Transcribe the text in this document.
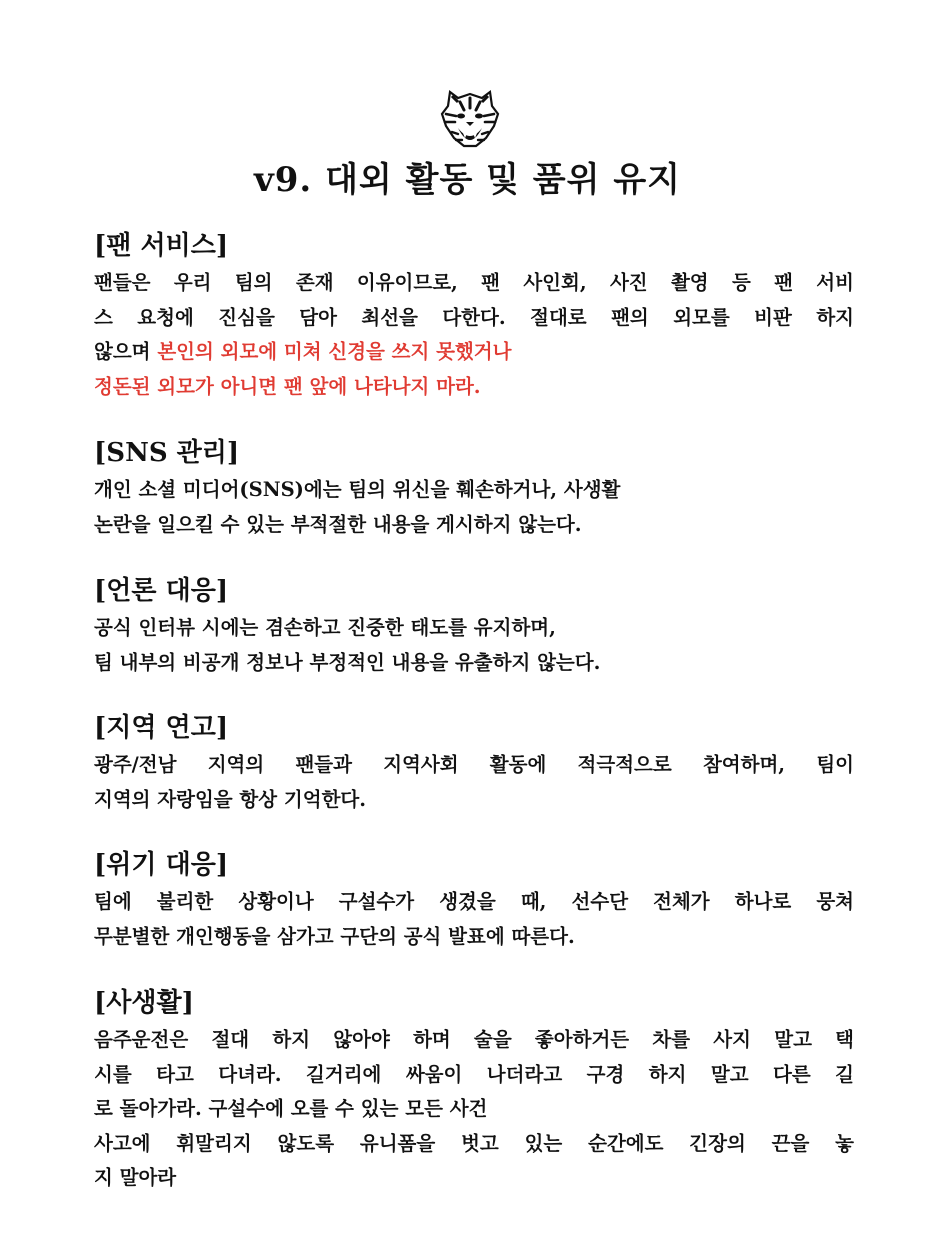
v9. 대외 활동 및 품위 유지
[팬 서비스]
팬들은 우리 팀의 존재 이유이므로, 팬 사인회, 사진 촬영 등 팬 서비
스 요청에 진심을 담아 최선을 다한다. 절대로 팬의 외모를 비판 하지
않으며 본인의 외모에 미쳐 신경을 쓰지 못했거나
정돈된 외모가 아니면 팬 앞에 나타나지 마라.
[SNS 관리]
개인 소셜 미디어(SNS)에는 팀의 위신을 훼손하거나, 사생활
논란을 일으킬 수 있는 부적절한 내용을 게시하지 않는다.
[언론 대응]
공식 인터뷰 시에는 겸손하고 진중한 태도를 유지하며,
팀 내부의 비공개 정보나 부정적인 내용을 유출하지 않는다.
[지역 연고]
광주/전남 지역의 팬들과 지역사회 활동에 적극적으로 참여하며, 팀이
지역의 자랑임을 항상 기억한다.
[위기 대응]
팀에 불리한 상황이나 구설수가 생겼을 때, 선수단 전체가 하나로 뭉쳐
무분별한 개인행동을 삼가고 구단의 공식 발표에 따른다.
[사생활]
음주운전은 절대 하지 않아야 하며 술을 좋아하거든 차를 사지 말고 택
시를 타고 다녀라. 길거리에 싸움이 나더라고 구경 하지 말고 다른 길
로 돌아가라. 구설수에 오를 수 있는 모든 사건
사고에 휘말리지 않도록 유니폼을 벗고 있는 순간에도 긴장의 끈을 놓
지 말아라
